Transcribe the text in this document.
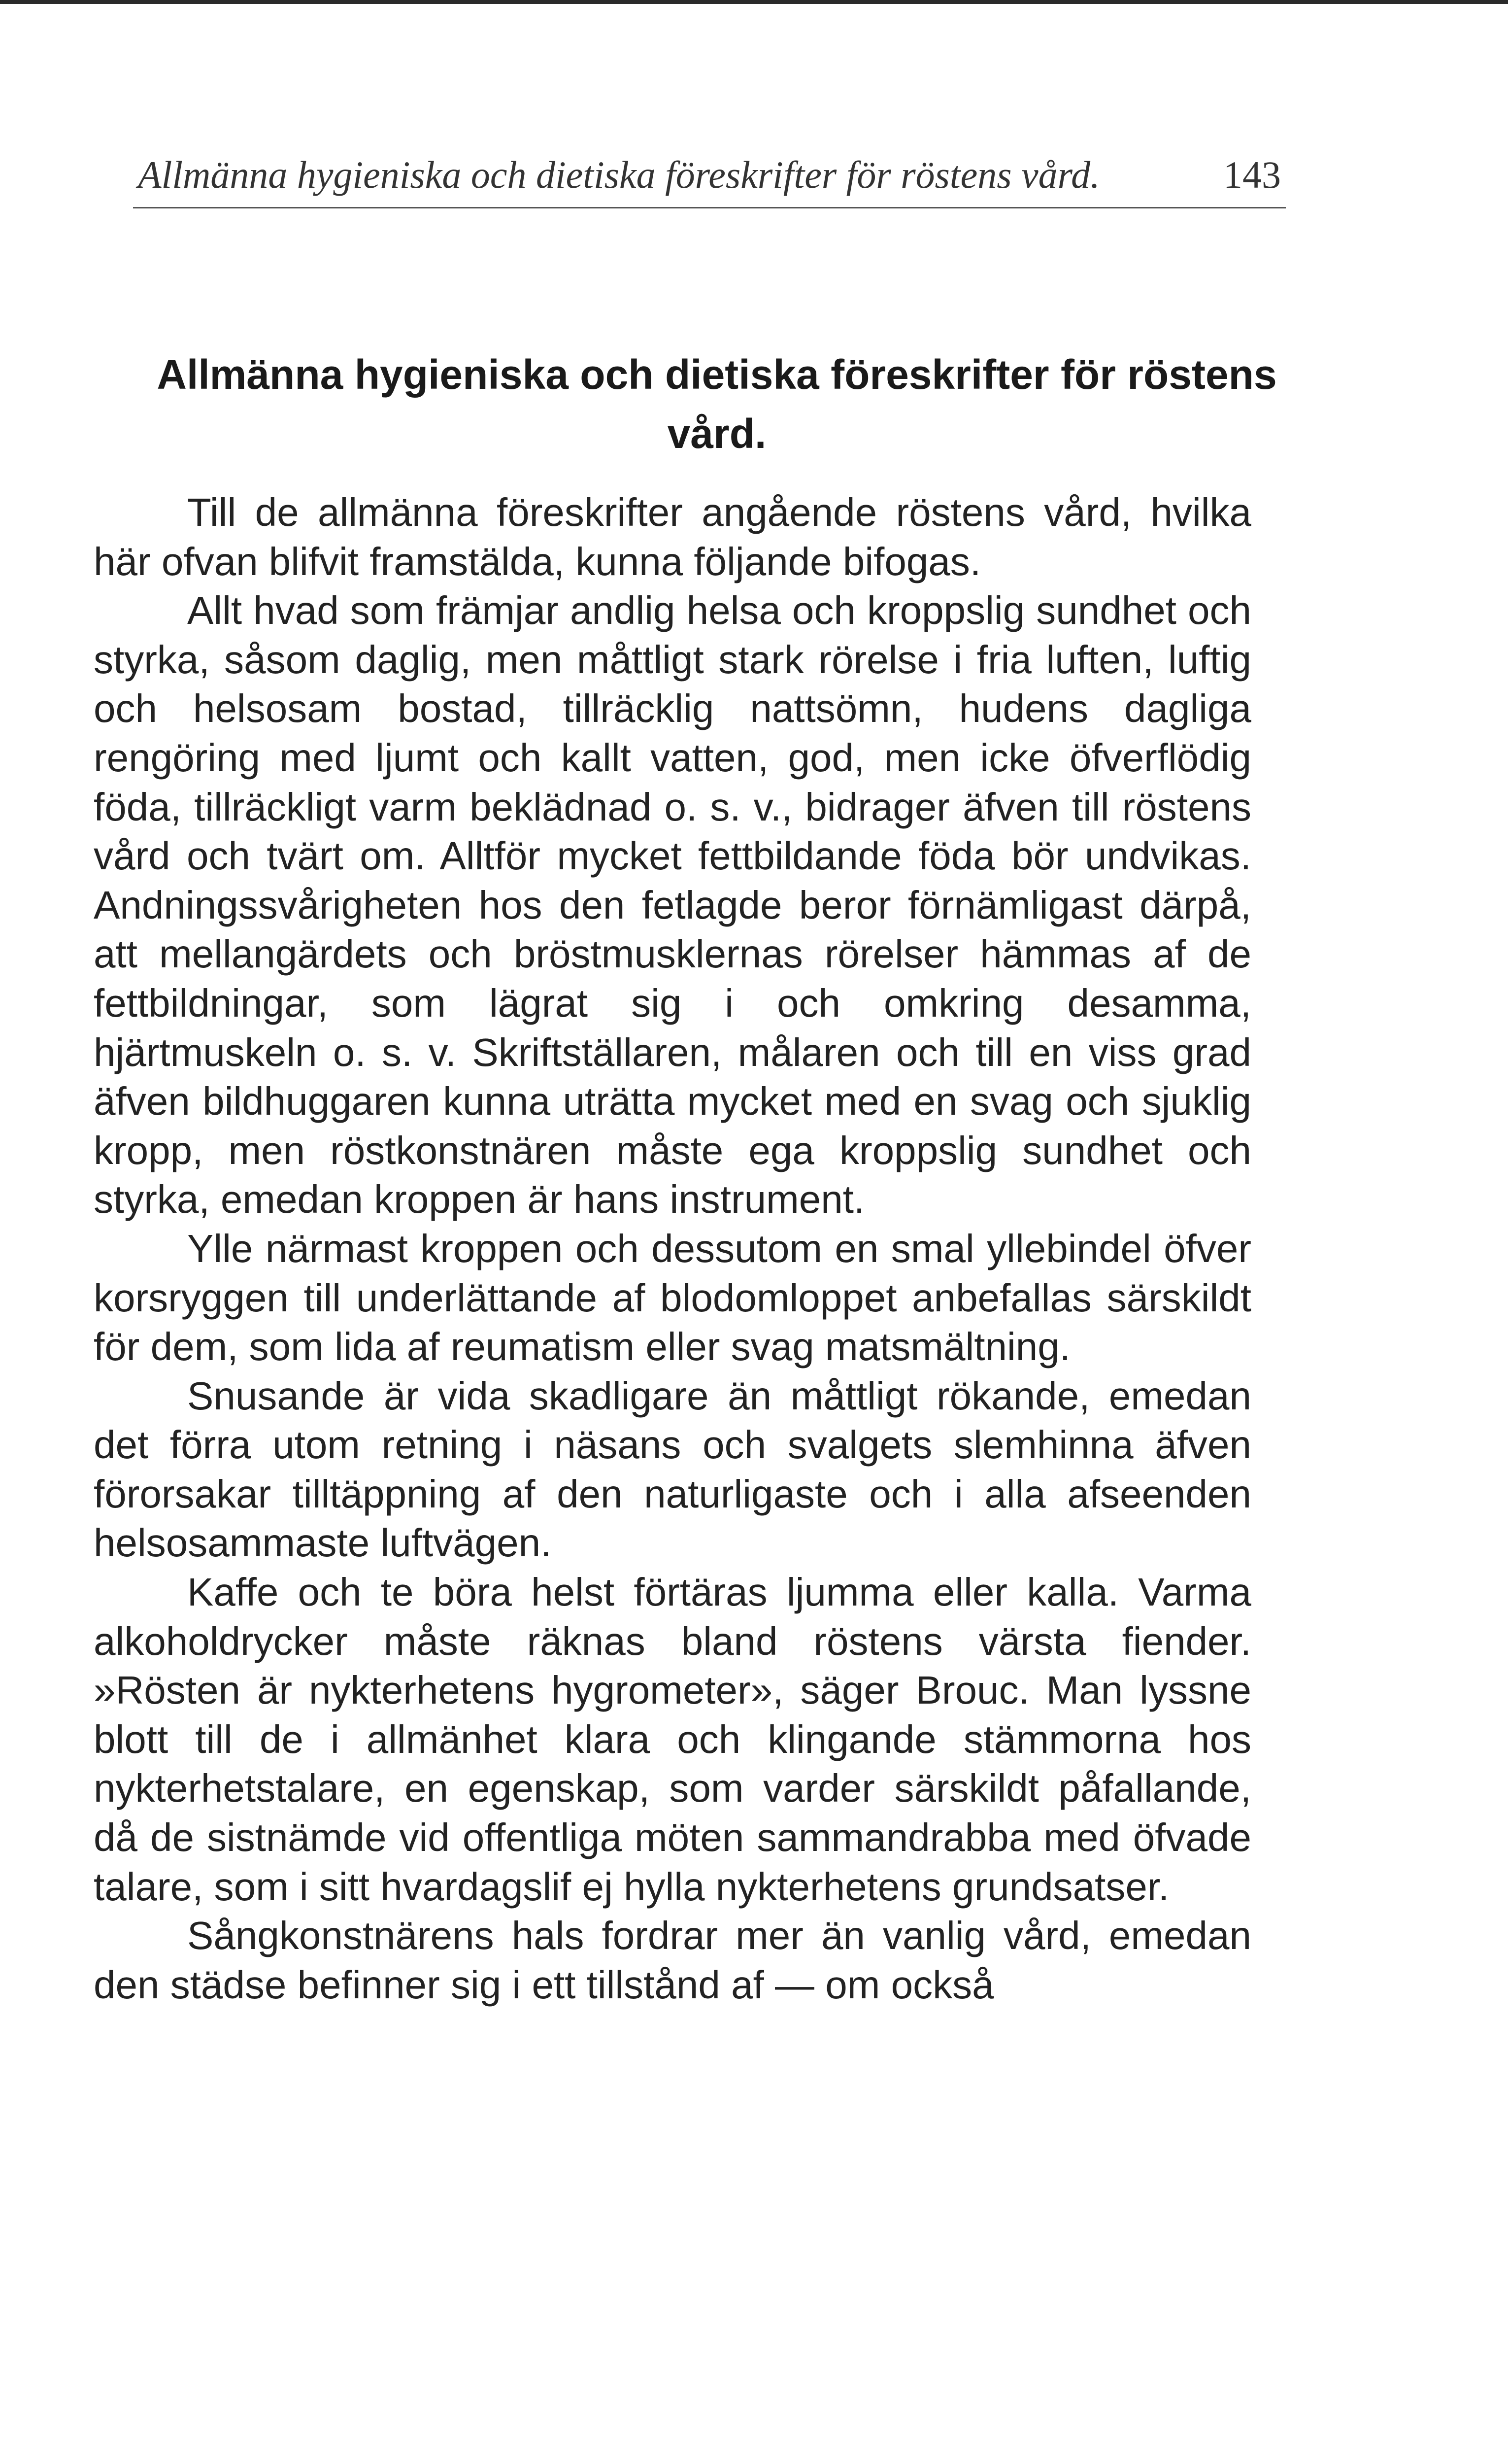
Allmänna hygieniska och dietiska föreskrifter för röstens vård.	143
Allmänna hygieniska och dietiska föreskrifter för röstens vård.

Till de allmänna föreskrifter angående röstens vård, hvilka här ofvan blifvit framstälda, kunna följande bifogas.

Allt hvad som främjar andlig helsa och kroppslig sundhet och styrka, såsom daglig, men måttligt stark rörelse i fria luften, luftig och helsosam bostad, tillräcklig nattsömn, hudens dagliga rengöring med ljumt och kallt vatten, god, men icke öfverflödig föda, tillräckligt varm beklädnad o. s. v., bidrager äfven till röstens vård och tvärt om. Alltför mycket fettbildande föda bör undvikas. Andningssvårigheten hos den fetlagde beror förnämligast därpå, att mellangärdets och bröstmusklernas rörelser hämmas af de fettbildningar, som lägrat sig i och omkring desamma, hjärtmuskeln o. s. v. Skriftställaren, målaren och till en viss grad äfven bildhuggaren kunna uträtta mycket med en svag och sjuklig kropp, men röstkonstnären måste ega kroppslig sundhet och styrka, emedan kroppen är hans instrument.

Ylle närmast kroppen och dessutom en smal yllebindel öfver korsryggen till underlättande af blodomloppet anbefallas särskildt för dem, som lida af reumatism eller svag matsmältning.

Snusande är vida skadligare än måttligt rökande, emedan det förra utom retning i näsans och svalgets slemhinna äfven förorsakar tilltäppning af den naturligaste och i alla afseenden helsosammaste luftvägen.

Kaffe och te böra helst förtäras ljumma eller kalla. Varma alkoholdrycker måste räknas bland röstens värsta fiender. »Rösten är nykterhetens hygrometer», säger Brouc. Man lyssne blott till de i allmänhet klara och klingande stämmorna hos nykterhetstalare, en egenskap, som varder särskildt påfallande, då de sistnämde vid offentliga möten sammandrabba med öfvade talare, som i sitt hvardagslif ej hylla nykterhetens grundsatser.

Sångkonstnärens hals fordrar mer än vanlig vård, emedan den städse befinner sig i ett tillstånd af — om också
